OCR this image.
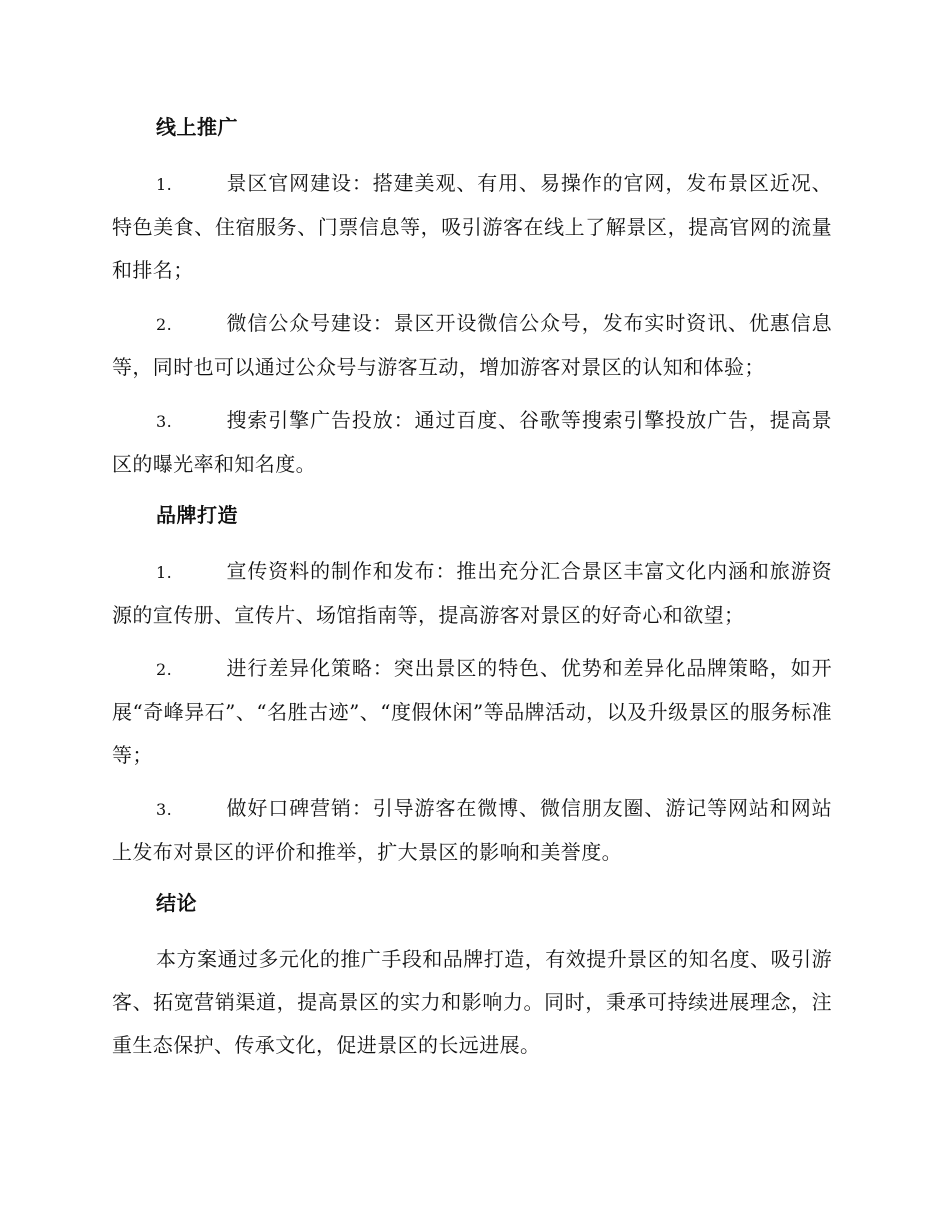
线上推广

1.	景区官网建设：搭建美观、有用、易操作的官网，发布景区近况、特色美食、住宿服务、门票信息等，吸引游客在线上了解景区，提高官网的流量和排名；

2.	微信公众号建设：景区开设微信公众号，发布实时资讯、优惠信息等，同时也可以通过公众号与游客互动，增加游客对景区的认知和体验；

3.	搜索引擎广告投放：通过百度、谷歌等搜索引擎投放广告，提高景区的曝光率和知名度。

品牌打造

1.	宣传资料的制作和发布：推出充分汇合景区丰富文化内涵和旅游资源的宣传册、宣传片、场馆指南等，提高游客对景区的好奇心和欲望；

2.	进行差异化策略：突出景区的特色、优势和差异化品牌策略，如开展“奇峰异石”、“名胜古迹”、“度假休闲”等品牌活动，以及升级景区的服务标准等；

3.	做好口碑营销：引导游客在微博、微信朋友圈、游记等网站和网站上发布对景区的评价和推举，扩大景区的影响和美誉度。

结论

本方案通过多元化的推广手段和品牌打造，有效提升景区的知名度、吸引游客、拓宽营销渠道，提高景区的实力和影响力。同时，秉承可持续进展理念，注重生态保护、传承文化，促进景区的长远进展。
